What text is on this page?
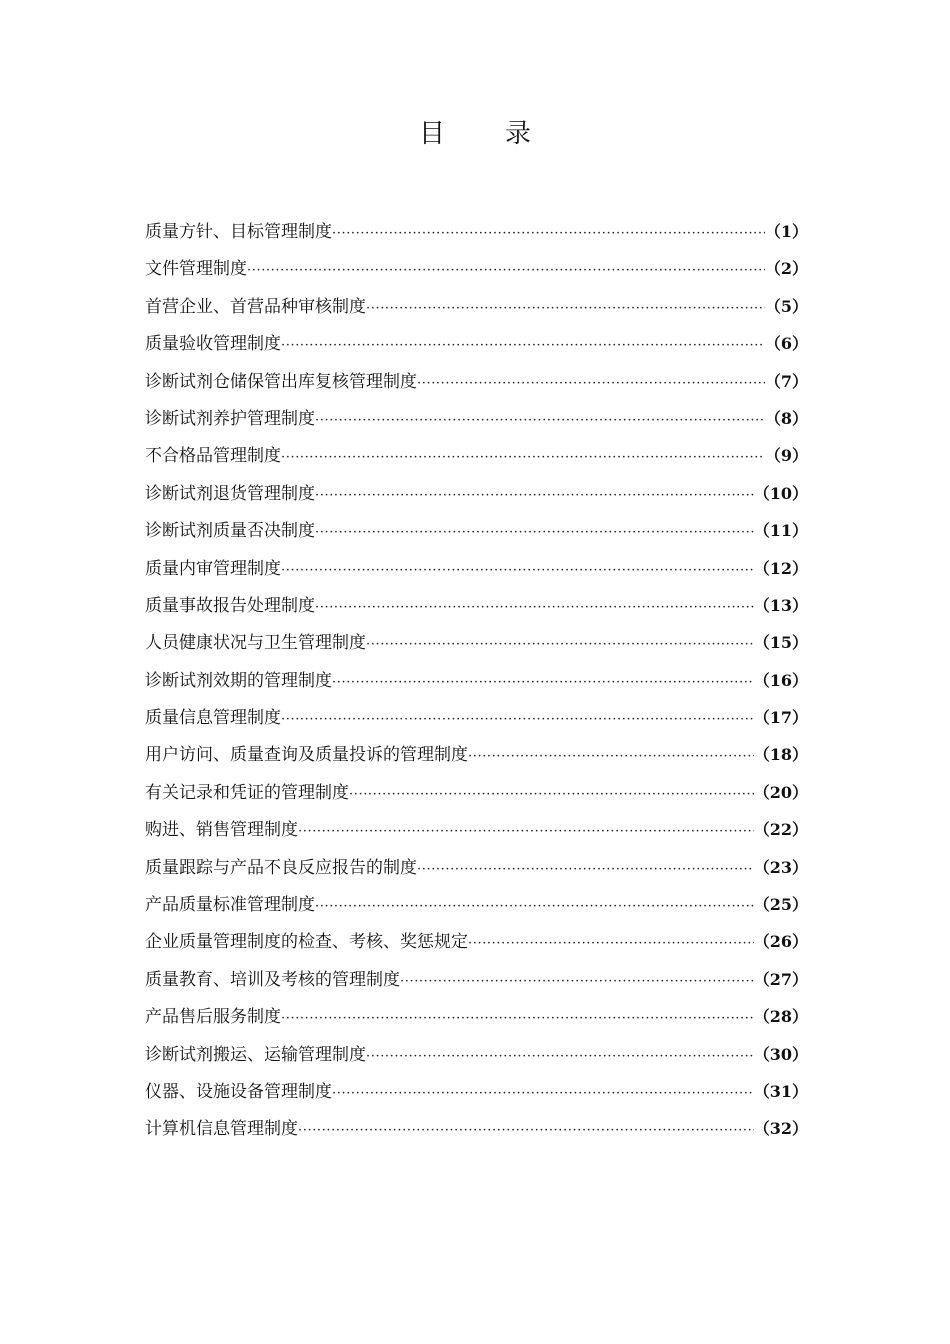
目录
质量方针、目标管理制度 ·····	（1）
文件管理制度 ·····	（2）
首营企业、首营品种审核制度 ·····	（5）
质量验收管理制度 ·····	（6）
诊断试剂仓储保管出库复核管理制度 ·····	（7）
诊断试剂养护管理制度 ·····	（8）
不合格品管理制度 ·····	（9）
诊断试剂退货管理制度 ·····	（10）
诊断试剂质量否决制度 ·····	（11）
质量内审管理制度 ·····	（12）
质量事故报告处理制度 ·····	（13）
人员健康状况与卫生管理制度 ·····	（15）
诊断试剂效期的管理制度 ·····	（16）
质量信息管理制度 ·····	（17）
用户访问、质量查询及质量投诉的管理制度 ·····	（18）
有关记录和凭证的管理制度 ·····	（20）
购进、销售管理制度 ·····	（22）
质量跟踪与产品不良反应报告的制度 ·····	（23）
产品质量标准管理制度 ·····	（25）
企业质量管理制度的检查、考核、奖惩规定 ·····	（26）
质量教育、培训及考核的管理制度 ·····	（27）
产品售后服务制度 ·····	（28）
诊断试剂搬运、运输管理制度 ·····	（30）
仪器、设施设备管理制度 ·····	（31）
计算机信息管理制度 ·····	（32）
